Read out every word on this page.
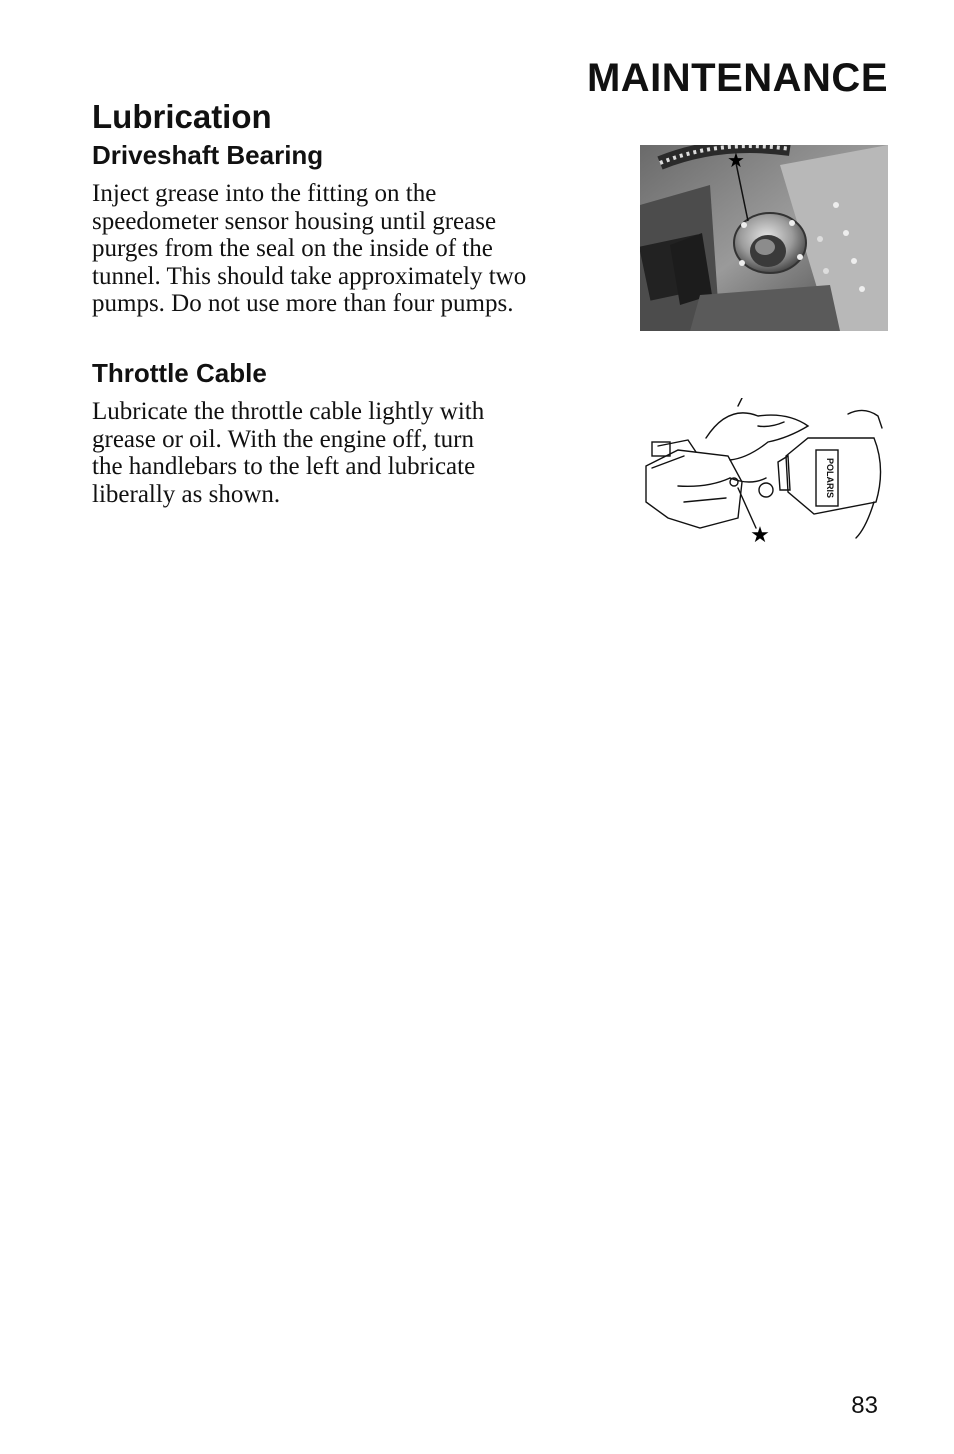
MAINTENANCE
Lubrication
Driveshaft Bearing

Inject grease into the fitting on the
speedometer sensor housing until grease
purges from the seal on the inside of the
tunnel. This should take approximately two
pumps. Do not use more than four pumps.

★
Throttle Cable

Lubricate the throttle cable lightly with
grease or oil. With the engine off, turn
the handlebars to the left and lubricate
liberally as shown.	POLARIS
★

83
